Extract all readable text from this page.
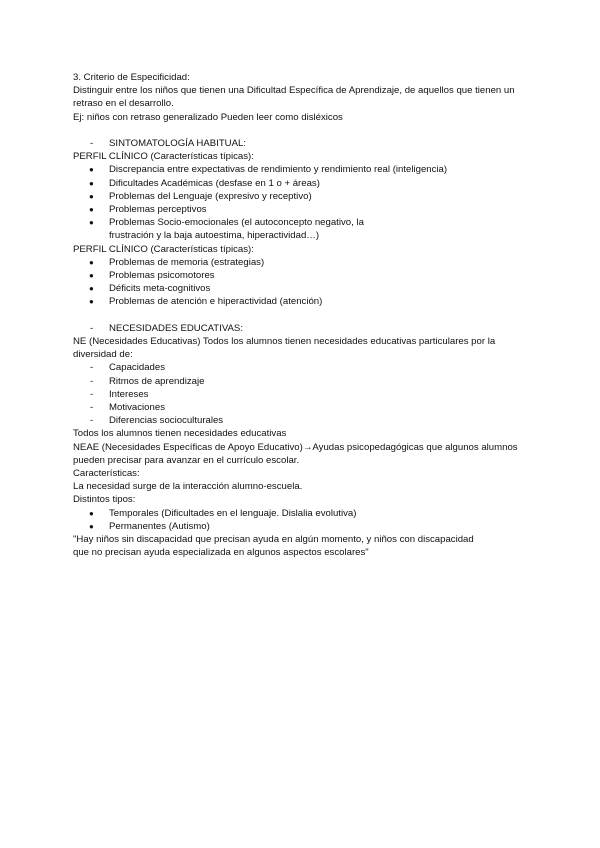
3. Criterio de Especificidad:

Distinguir entre los niños que tienen una Dificultad Específica de Aprendizaje, de aquellos que tienen un retraso en el desarrollo.

Ej: niños con retraso generalizado Pueden leer como disléxicos

- SINTOMATOLOGÍA HABITUAL:

PERFIL CLÍNICO (Características típicas):

● Discrepancia entre expectativas de rendimiento y rendimiento real (inteligencia)

● Dificultades Académicas (desfase en 1 o + áreas)

● Problemas del Lenguaje (expresivo y receptivo)

● Problemas perceptivos

● Problemas Socio-emocionales (el autoconcepto negativo, la

frustración y la baja autoestima, hiperactividad…)

PERFIL CLÍNICO (Características típicas):

● Problemas de memoria (estrategias)

● Problemas psicomotores

● Déficits meta-cognitivos

● Problemas de atención e hiperactividad (atención)

- NECESIDADES EDUCATIVAS:

NE (Necesidades Educativas) Todos los alumnos tienen necesidades educativas particulares por la diversidad de:

- Capacidades

- Ritmos de aprendizaje

- Intereses

- Motivaciones

- Diferencias socioculturales

Todos los alumnos tienen necesidades educativas

NEAE (Necesidades Específicas de Apoyo Educativo)→Ayudas psicopedagógicas que algunos alumnos pueden precisar para avanzar en el currículo escolar.

Características:

La necesidad surge de la interacción alumno-escuela.

Distintos tipos:

● Temporales (Dificultades en el lenguaje. Dislalia evolutiva)

● Permanentes (Autismo)

"Hay niños sin discapacidad que precisan ayuda en algún momento, y niños con discapacidad

que no precisan ayuda especializada en algunos aspectos escolares"
